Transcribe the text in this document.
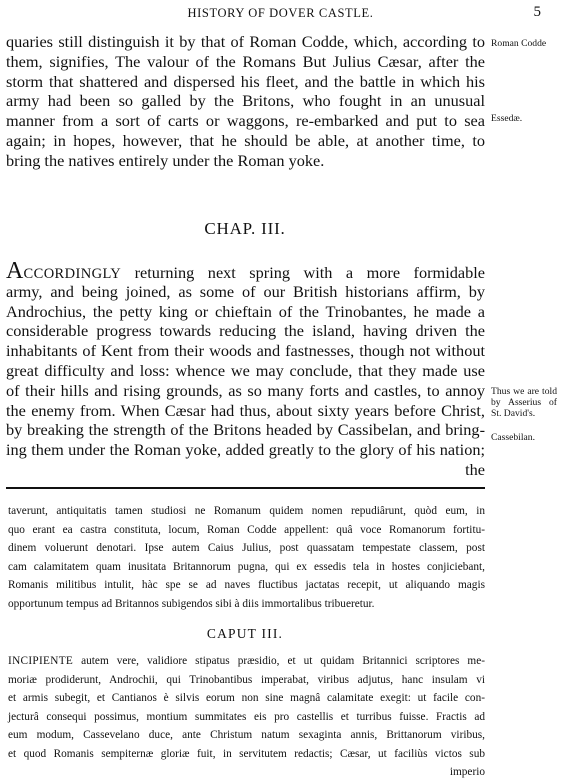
HISTORY OF DOVER CASTLE.	5
quaries still distinguish it by that of Roman Codde, which, according to
them, signifies, The valour of the Romans But Julius Cæsar, after the
storm that shattered and dispersed his fleet, and the battle in which his
army had been so galled by the Britons, who fought in an unusual
manner from a sort of carts or waggons, re-embarked and put to sea
again; in hopes, however, that he should be able, at another time, to
bring the natives entirely under the Roman yoke.
Roman Codde
Essedæ.
CHAP. III.
ACCORDINGLY returning next spring with a more formidable
army, and being joined, as some of our British historians affirm, by
Androchius, the petty king or chieftain of the Trinobantes, he made a
considerable progress towards reducing the island, having driven the
inhabitants of Kent from their woods and fastnesses, though not without
great difficulty and loss: whence we may conclude, that they made use
of their hills and rising grounds, as so many forts and castles, to annoy
the enemy from. When Cæsar had thus, about sixty years before Christ,
by breaking the strength of the Britons headed by Cassibelan, and bring-
ing them under the Roman yoke, added greatly to the glory of his nation;
the
Thus we are told by Asserius of St. David's.
Cassebilan.
taverunt, antiquitatis tamen studiosi ne Romanum quidem nomen repudiârunt, quòd eum, in
quo erant ea castra constituta, locum, Roman Codde appellent: quâ voce Romanorum fortitu-
dinem voluerunt denotari. Ipse autem Caius Julius, post quassatam tempestate classem, post
cam calamitatem quam inusitata Britannorum pugna, qui ex essedis tela in hostes conjiciebant,
Romanis militibus intulit, hàc spe se ad naves fluctibus jactatas recepit, ut aliquando magis
opportunum tempus ad Britannos subigendos sibi à diis immortalibus tribueretur.
CAPUT III.
INCIPIENTE autem vere, validiore stipatus præsidio, et ut quidam Britannici scriptores me-
moriæ prodiderunt, Androchii, qui Trinobantibus imperabat, viribus adjutus, hanc insulam vi
et armis subegit, et Cantianos è silvis eorum non sine magnâ calamitate exegit: ut facile con-
jecturâ consequi possimus, montium summitates eis pro castellis et turribus fuisse. Fractis ad
eum modum, Cassevelano duce, ante Christum natum sexaginta annis, Brittanorum viribus,
et quod Romanis sempiternæ gloriæ fuit, in servitutem redactis; Cæsar, ut faciliùs victos sub
imperio
